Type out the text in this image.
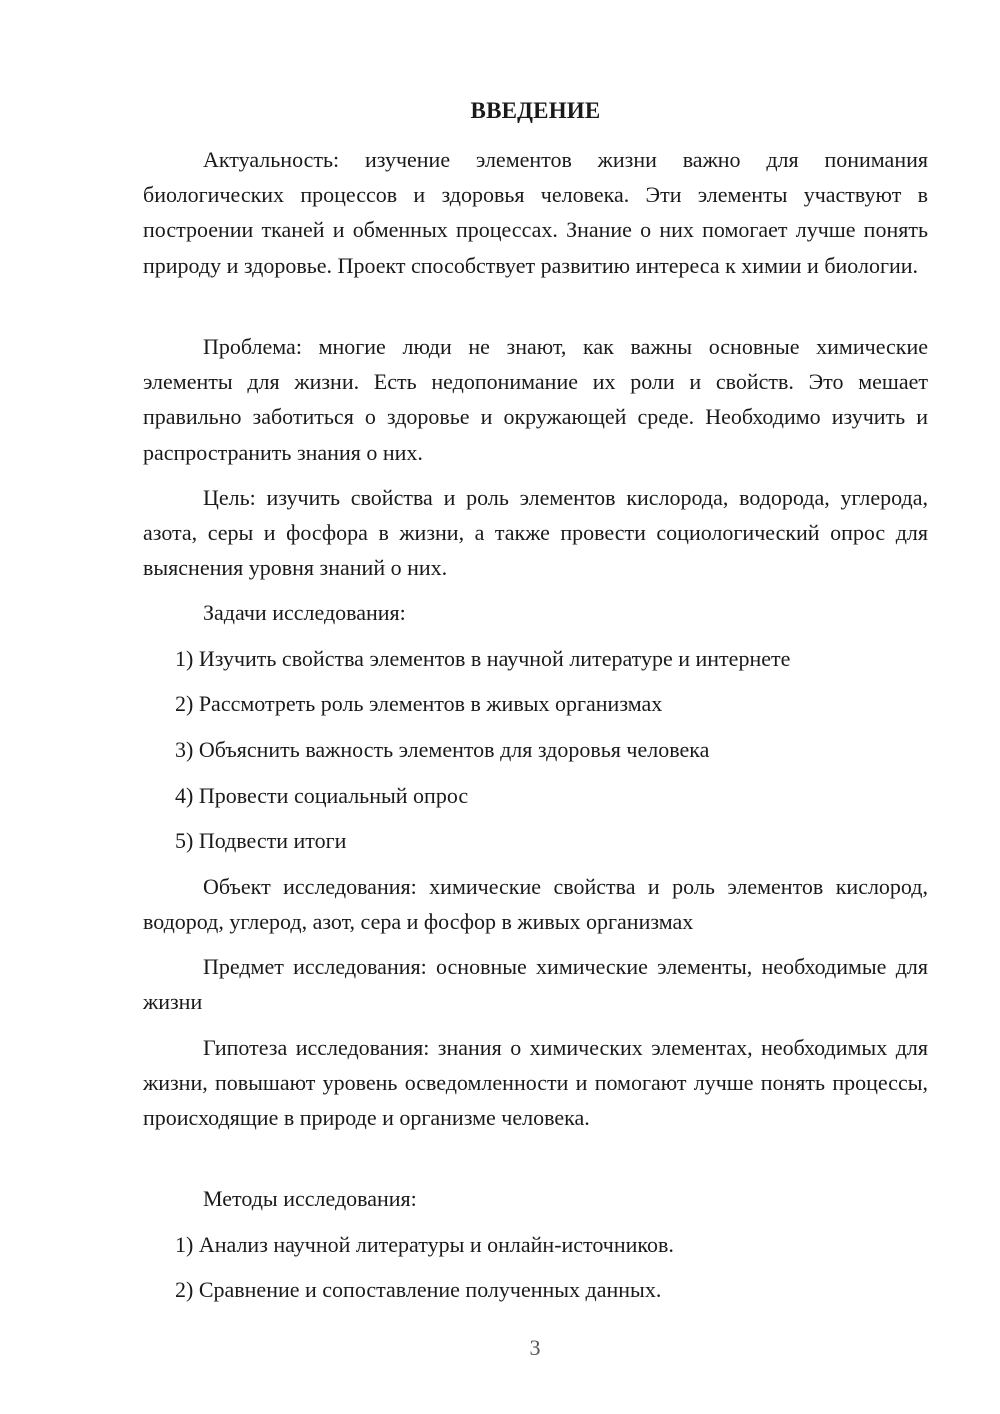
ВВЕДЕНИЕ

Актуальность: изучение элементов жизни важно для понимания биологических процессов и здоровья человека. Эти элементы участвуют в построении тканей и обменных процессах. Знание о них помогает лучше понять природу и здоровье. Проект способствует развитию интереса к химии и биологии.

Проблема: многие люди не знают, как важны основные химические элементы для жизни. Есть недопонимание их роли и свойств. Это мешает правильно заботиться о здоровье и окружающей среде. Необходимо изучить и распространить знания о них.

Цель: изучить свойства и роль элементов кислорода, водорода, углерода, азота, серы и фосфора в жизни, а также провести социологический опрос для выяснения уровня знаний о них.

Задачи исследования:
1) Изучить свойства элементов в научной литературе и интернете
2) Рассмотреть роль элементов в живых организмах
3) Объяснить важность элементов для здоровья человека
4) Провести социальный опрос
5) Подвести итоги

Объект исследования: химические свойства и роль элементов кислород, водород, углерод, азот, сера и фосфор в живых организмах

Предмет исследования: основные химические элементы, необходимые для жизни

Гипотеза исследования: знания о химических элементах, необходимых для жизни, повышают уровень осведомленности и помогают лучше понять процессы, происходящие в природе и организме человека.

Методы исследования:
1) Анализ научной литературы и онлайн-источников.
2) Сравнение и сопоставление полученных данных.
3
